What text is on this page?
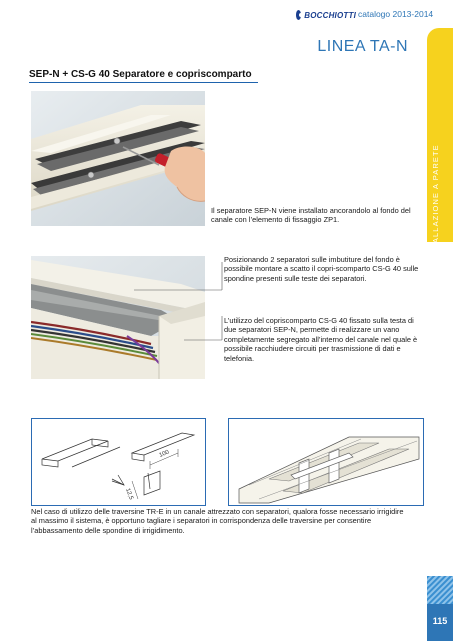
BOCCHIOTTI catalogo 2013-2014
LINEA TA-N
INSTALLAZIONE A PARETE
SEP-N + CS-G 40 Separatore e copriscomparto
Il separatore SEP-N viene installato ancorandolo al fondo del canale con l’elemento di fissaggio ZP1.
Posizionando 2 separatori sulle imbutiture del fondo è possibile montare a scatto il copri-scomparto CS-G 40 sulle spondine presenti sulle teste dei separatori.
L’utilizzo del copriscomparto CS-G 40 fissato sulla testa di due separatori SEP-N, permette di realizzare un vano completamente segregato all’interno del canale nel quale è possibile racchiudere circuiti per trasmissione di dati e telefonia.
100
12,5
Nel caso di utilizzo delle traversine TR-E in un canale attrezzato con separatori, qualora fosse necessario irrigidire al massimo il sistema, è opportuno tagliare i separatori in corrispondenza delle traversine per consentire l’abbassamento delle spondine di irrigidimento.
115
